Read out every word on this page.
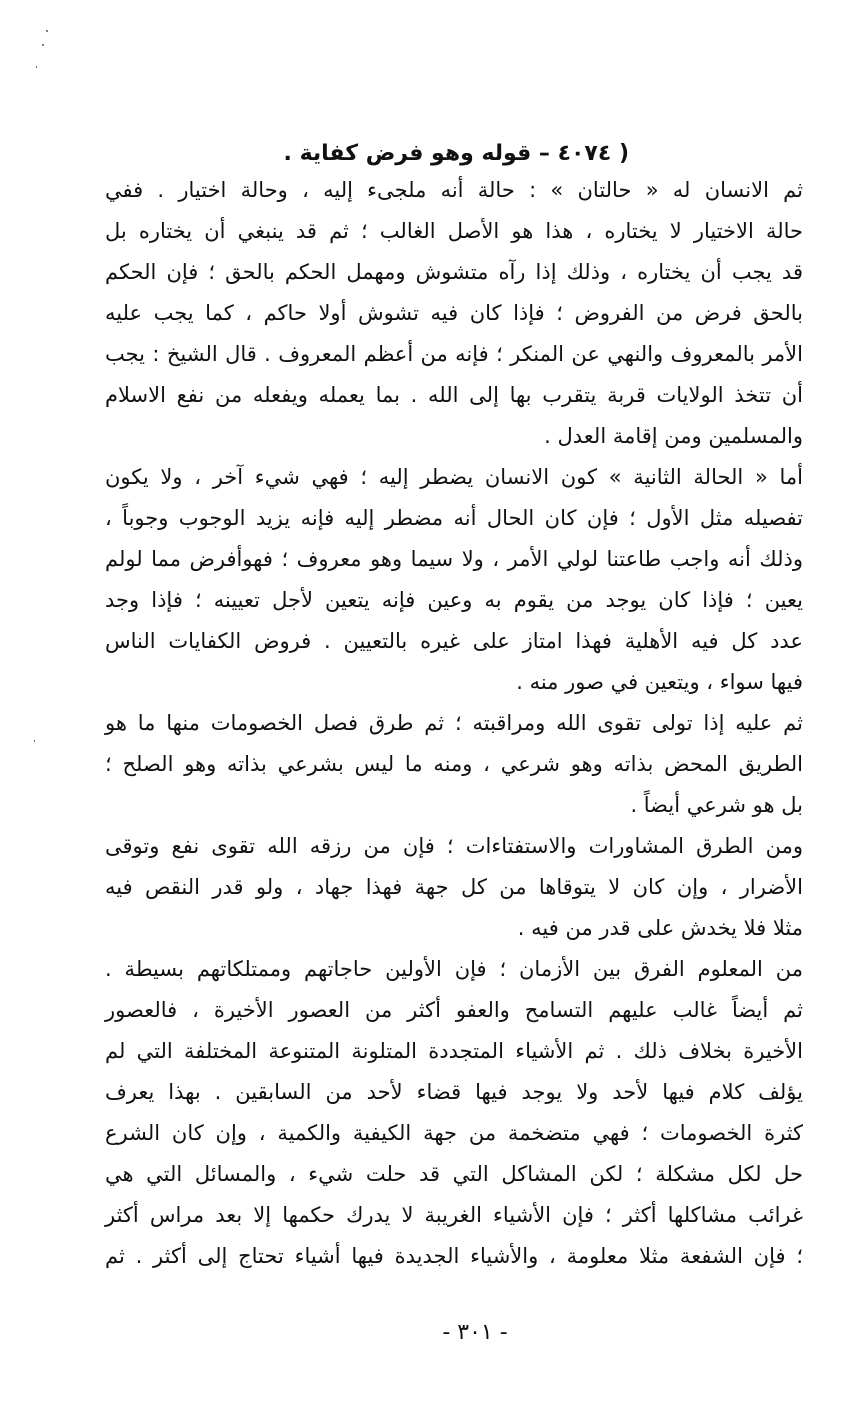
( ٤٠٧٤ – قوله وهو فرض كفاية .
ثم الانسان له « حالتان » : حالة أنه ملجىء إليه ، وحالة اختيار . ففي
حالة الاختيار لا يختاره ، هذا هو الأصل الغالب ؛ ثم قد ينبغي أن يختاره بل
قد يجب أن يختاره ، وذلك إذا رآه متشوش ومهمل الحكم بالحق ؛ فإن الحكم
بالحق فرض من الفروض ؛ فإذا كان فيه تشوش أولا حاكم ، كما يجب عليه
الأمر بالمعروف والنهي عن المنكر ؛ فإنه من أعظم المعروف . قال الشيخ : يجب
أن تتخذ الولايات قربة يتقرب بها إلى الله . بما يعمله ويفعله من نفع الاسلام
والمسلمين ومن إقامة العدل .
أما « الحالة الثانية » كون الانسان يضطر إليه ؛ فهي شيء آخر ، ولا يكون
تفصيله مثل الأول ؛ فإن كان الحال أنه مضطر إليه فإنه يزيد الوجوب وجوباً ،
وذلك أنه واجب طاعتنا لولي الأمر ، ولا سيما وهو معروف ؛ فهوأفرض مما لولم
يعين ؛ فإذا كان يوجد من يقوم به وعين فإنه يتعين لأجل تعيينه ؛ فإذا وجد
عدد كل فيه الأهلية فهذا امتاز على غيره بالتعيين . فروض الكفايات الناس
فيها سواء ، ويتعين في صور منه .
ثم عليه إذا تولى تقوى الله ومراقبته ؛ ثم طرق فصل الخصومات منها ما هو
الطريق المحض بذاته وهو شرعي ، ومنه ما ليس بشرعي بذاته وهو الصلح ؛
بل هو شرعي أيضاً .
ومن الطرق المشاورات والاستفتاءات ؛ فإن من رزقه الله تقوى نفع وتوقى
الأضرار ، وإن كان لا يتوقاها من كل جهة فهذا جهاد ، ولو قدر النقص فيه
مثلا فلا يخدش على قدر من فيه .
من المعلوم الفرق بين الأزمان ؛ فإن الأولين حاجاتهم وممتلكاتهم بسيطة .
ثم أيضاً غالب عليهم التسامح والعفو أكثر من العصور الأخيرة ، فالعصور
الأخيرة بخلاف ذلك . ثم الأشياء المتجددة المتلونة المتنوعة المختلفة التي لم
يؤلف كلام فيها لأحد ولا يوجد فيها قضاء لأحد من السابقين . بهذا يعرف
كثرة الخصومات ؛ فهي متضخمة من جهة الكيفية والكمية ، وإن كان الشرع
حل لكل مشكلة ؛ لكن المشاكل التي قد حلت شيء ، والمسائل التي هي
غرائب مشاكلها أكثر ؛ فإن الأشياء الغريبة لا يدرك حكمها إلا بعد مراس أكثر
؛ فإن الشفعة مثلا معلومة ، والأشياء الجديدة فيها أشياء تحتاج إلى أكثر . ثم
- ٣٠١ -
